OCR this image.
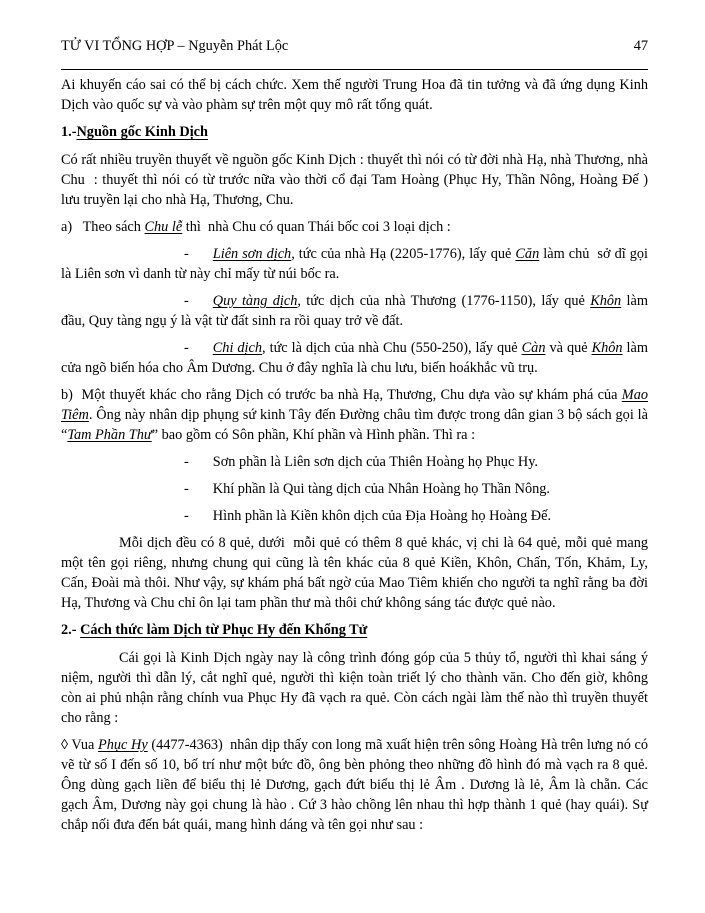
TỬ VI TỔNG HỢP – Nguyễn Phát Lộc	47

Ai khuyến cáo sai có thể bị cách chức. Xem thế người Trung Hoa đã tin tưởng và đã ứng dụng Kinh Dịch vào quốc sự và vào phàm sự trên một quy mô rất tổng quát.

1.-Nguồn gốc Kinh Dịch

Có rất nhiều truyền thuyết về nguồn gốc Kinh Dịch : thuyết thì nói có từ đời nhà Hạ, nhà Thương, nhà Chu  : thuyết thì nói có từ trước nữa vào thời cổ đại Tam Hoàng (Phục Hy, Thần Nông, Hoàng Đế ) lưu truyền lại cho nhà Hạ, Thương, Chu.

a)   Theo sách Chu lễ thì  nhà Chu có quan Thái bốc coi 3 loại dịch :

- Liên sơn dịch, tức của nhà Hạ (2205-1776), lấy quẻ Căn làm chủ  sở dĩ gọi là Liên sơn vì danh từ này chỉ mấy từ núi bốc ra.

- Quy tàng dịch, tức dịch của nhà Thương (1776-1150), lấy quẻ Khôn làm đầu, Quy tàng ngụ ý là vật từ đất sinh ra rồi quay trở về đất.

- Chi dịch, tức là dịch của nhà Chu (550-250), lấy quẻ Càn và quẻ Khôn làm cửa ngõ biến hóa cho Âm Dương. Chu ở đây nghĩa là chu lưu, biến hoákhắc vũ trụ.

b)  Một thuyết khác cho rằng Dịch có trước ba nhà Hạ, Thương, Chu dựa vào sự khám phá của Mao Tiêm. Ông này nhân dịp phụng sứ kinh Tây đến Đường châu tìm được trong dân gian 3 bộ sách gọi là “Tam Phần Thư” bao gồm có Sôn phần, Khí phần và Hình phần. Thì ra :

- Sơn phần là Liên sơn dịch của Thiên Hoàng họ Phục Hy.

- Khí phần là Qui tàng dịch của Nhân Hoàng họ Thần Nông.

- Hình phần là Kiền khôn dịch của Địa Hoàng họ Hoàng Đế.

Mỗi dịch đều có 8 quẻ, dưới  mỗi quẻ có thêm 8 quẻ khác, vị chi là 64 quẻ, mỗi quẻ mang một tên gọi riêng, nhưng chung qui cũng là tên khác của 8 quẻ Kiền, Khôn, Chấn, Tốn, Khảm, Ly, Cấn, Đoài mà thôi. Như vậy, sự khám phá bất ngờ của Mao Tiêm khiến cho người ta nghĩ rằng ba đời Hạ, Thương và Chu chỉ ôn lại tam phần thư mà thôi chứ không sáng tác được quẻ nào.

2.- Cách thức làm Dịch từ Phục Hy đến Khổng Tử

Cái gọi là Kinh Dịch ngày nay là công trình đóng góp của 5 thủy tổ, người thì khai sáng ý niệm, người thì dẫn lý, cắt nghĩ quẻ, người thì kiện toàn triết lý cho thành văn. Cho đến giờ, không còn ai phủ nhận rằng chính vua Phục Hy đã vạch ra quẻ. Còn cách ngài làm thế nào thì truyền thuyết cho rằng :

◊ Vua Phục Hy (4477-4363)  nhân dịp thấy con long mã xuất hiện trên sông Hoàng Hà trên lưng nó có vẽ từ số I đến số 10, bố trí như một bức đồ, ông bèn phỏng theo những đồ hình đó mà vạch ra 8 quẻ. Ông dùng gạch liền để biểu thị lẻ Dương, gạch đứt biểu thị lẻ Âm . Dương là lẻ, Âm là chẵn. Các gạch Âm, Dương này gọi chung là hào . Cứ 3 hào chồng lên nhau thì hợp thành 1 quẻ (hay quái). Sự chắp nối đưa đến bát quái, mang hình dáng và tên gọi như sau :
